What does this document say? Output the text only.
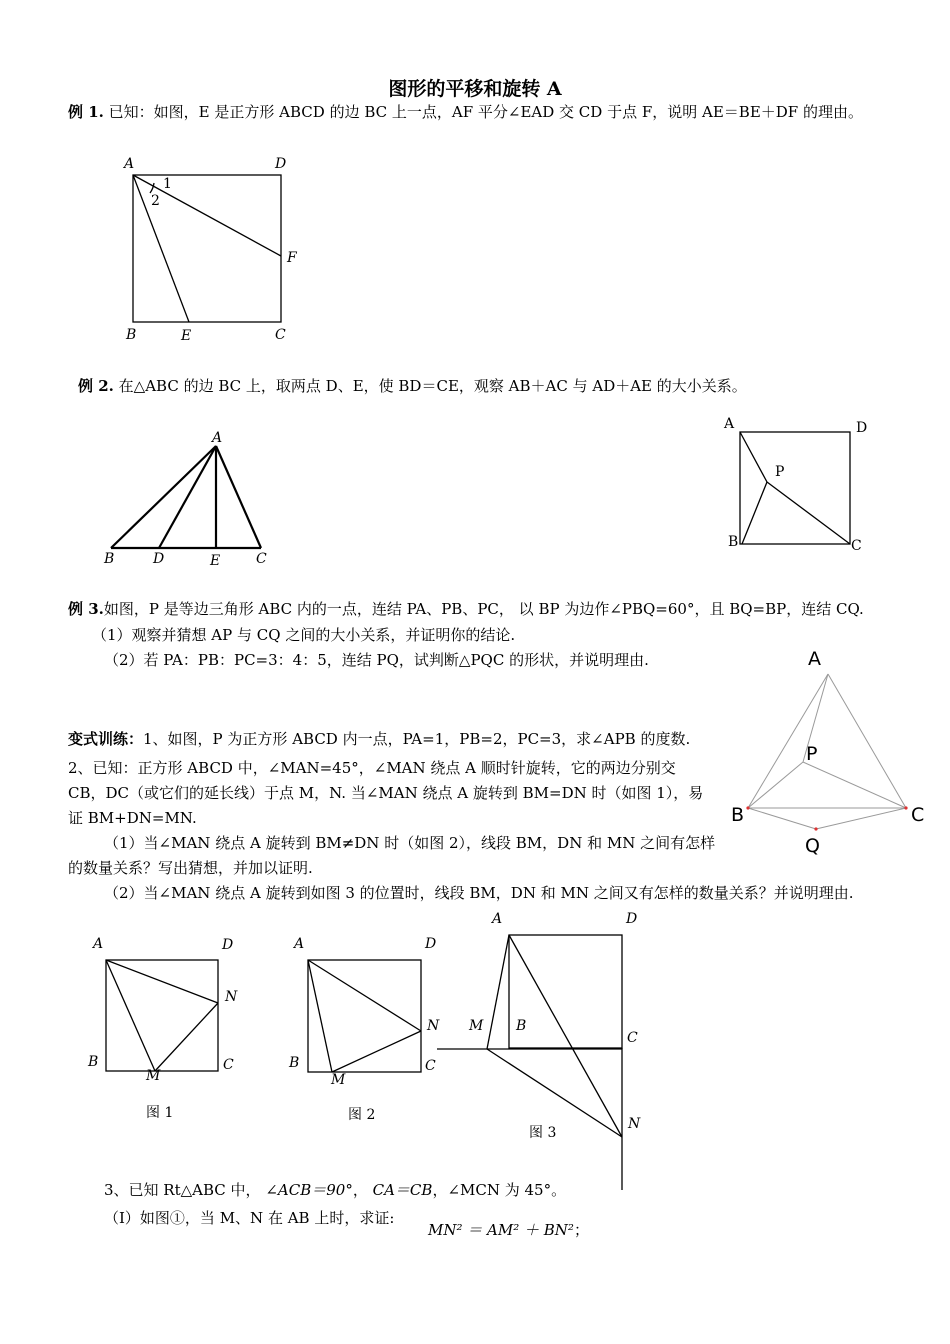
图形的平移和旋转 A
例 1. 已知：如图，E 是正方形 ABCD 的边 BC 上一点，AF 平分∠EAD 交 CD 于点 F，说明 AE＝BE＋DF 的理由。
A	D
B	E	C
F
1
2
A
B	D	E	C
A	D
B	C
P
A
P
B	C
Q
A	D
N
B	C
M
图 1
A	D
N
B	C
M
图 2
A	D
M B
C
N
图 3
例 2. 在△ABC 的边 BC 上，取两点 D、E，使 BD＝CE，观察 AB＋AC 与 AD＋AE 的大小关系。
例 3.如图，P 是等边三角形 ABC 内的一点，连结 PA、PB、PC， 以 BP 为边作∠PBQ=60°，且 BQ=BP，连结 CQ.
（1）观察并猜想 AP 与 CQ 之间的大小关系，并证明你的结论.
（2）若 PA：PB：PC=3：4：5，连结 PQ，试判断△PQC 的形状，并说明理由.
变式训练：1、如图，P 为正方形 ABCD 内一点，PA=1，PB=2，PC=3，求∠APB 的度数.
2、已知：正方形 ABCD 中，∠MAN=45°，∠MAN 绕点 A 顺时针旋转，它的两边分别交
CB，DC（或它们的延长线）于点 M，N. 当∠MAN 绕点 A 旋转到 BM=DN 时（如图 1），易
证 BM+DN=MN.
（1）当∠MAN 绕点 A 旋转到 BM≠DN 时（如图 2），线段 BM，DN 和 MN 之间有怎样
的数量关系？写出猜想，并加以证明.
（2）当∠MAN 绕点 A 旋转到如图 3 的位置时，线段 BM，DN 和 MN 之间又有怎样的数量关系？并说明理由.
3、已知 Rt△ABC 中， ∠ACB＝90°， CA＝CB，∠MCN 为 45°。
（Ⅰ）如图①，当 M、N 在 AB 上时，求证:
MN² ＝ AM² ＋ BN²；
